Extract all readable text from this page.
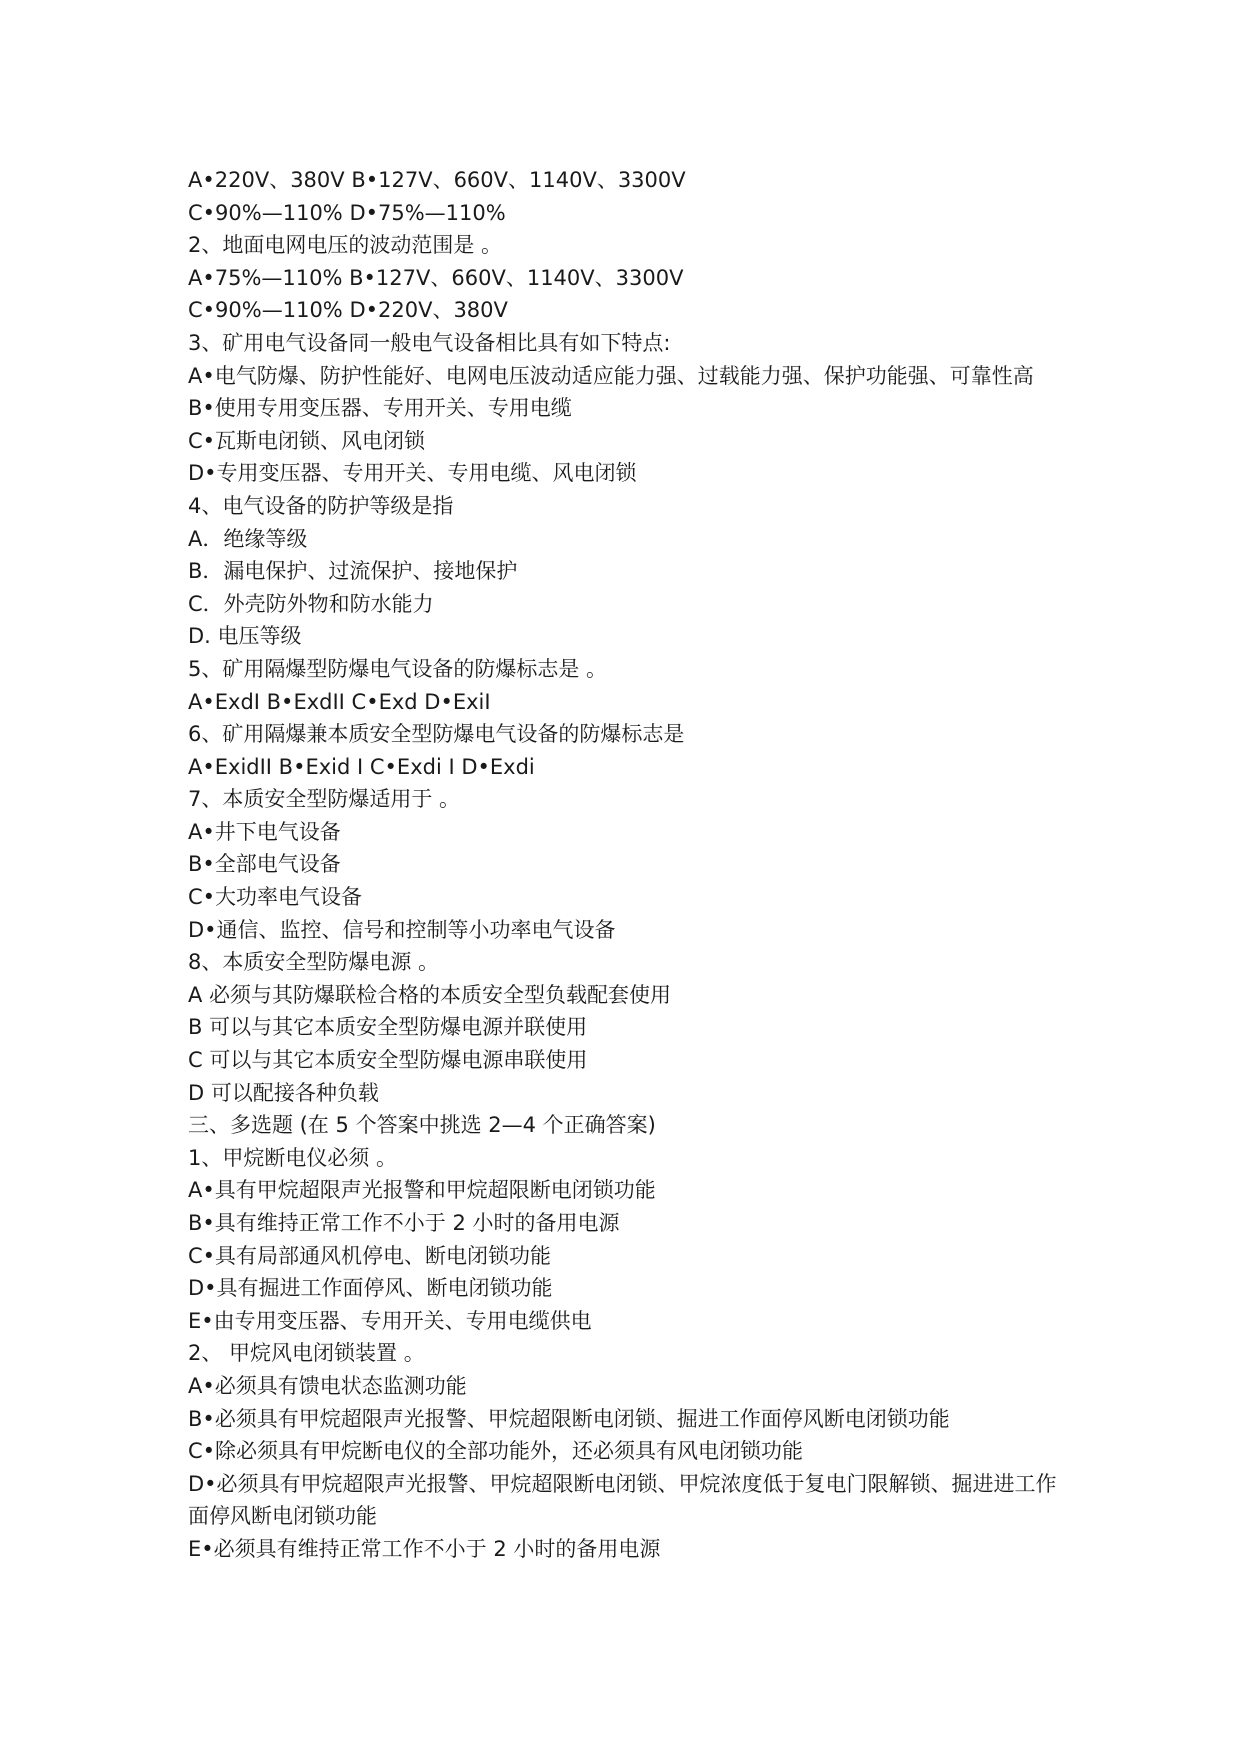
A•220V、380V B•127V、660V、1140V、3300V

C•90%—110% D•75%—110%

2、地面电网电压的波动范围是 。

A•75%—110% B•127V、660V、1140V、3300V

C•90%—110% D•220V、380V

3、矿用电气设备同一般电气设备相比具有如下特点:

A•电气防爆、防护性能好、电网电压波动适应能力强、过载能力强、保护功能强、可靠性高

B•使用专用变压器、专用开关、专用电缆

C•瓦斯电闭锁、风电闭锁

D•专用变压器、专用开关、专用电缆、风电闭锁

4、电气设备的防护等级是指

A．绝缘等级

B．漏电保护、过流保护、接地保护

C．外壳防外物和防水能力

D. 电压等级

5、矿用隔爆型防爆电气设备的防爆标志是 。

A•ExdI B•ExdII C•Exd D•ExiI

6、矿用隔爆兼本质安全型防爆电气设备的防爆标志是

A•ExidII B•Exid I C•Exdi I D•Exdi

7、本质安全型防爆适用于 。

A•井下电气设备

B•全部电气设备

C•大功率电气设备

D•通信、监控、信号和控制等小功率电气设备

8、本质安全型防爆电源 。

A 必须与其防爆联检合格的本质安全型负载配套使用

B 可以与其它本质安全型防爆电源并联使用

C 可以与其它本质安全型防爆电源串联使用

D 可以配接各种负载

三、多选题 (在 5 个答案中挑选 2—4 个正确答案)

1、甲烷断电仪必须 。

A•具有甲烷超限声光报警和甲烷超限断电闭锁功能

B•具有维持正常工作不小于 2 小时的备用电源

C•具有局部通风机停电、断电闭锁功能

D•具有掘进工作面停风、断电闭锁功能

E•由专用变压器、专用开关、专用电缆供电

2、 甲烷风电闭锁装置 。

A•必须具有馈电状态监测功能

B•必须具有甲烷超限声光报警、甲烷超限断电闭锁、掘进工作面停风断电闭锁功能

C•除必须具有甲烷断电仪的全部功能外，还必须具有风电闭锁功能

D•必须具有甲烷超限声光报警、甲烷超限断电闭锁、甲烷浓度低于复电门限解锁、掘进进工作面停风断电闭锁功能

E•必须具有维持正常工作不小于 2 小时的备用电源
